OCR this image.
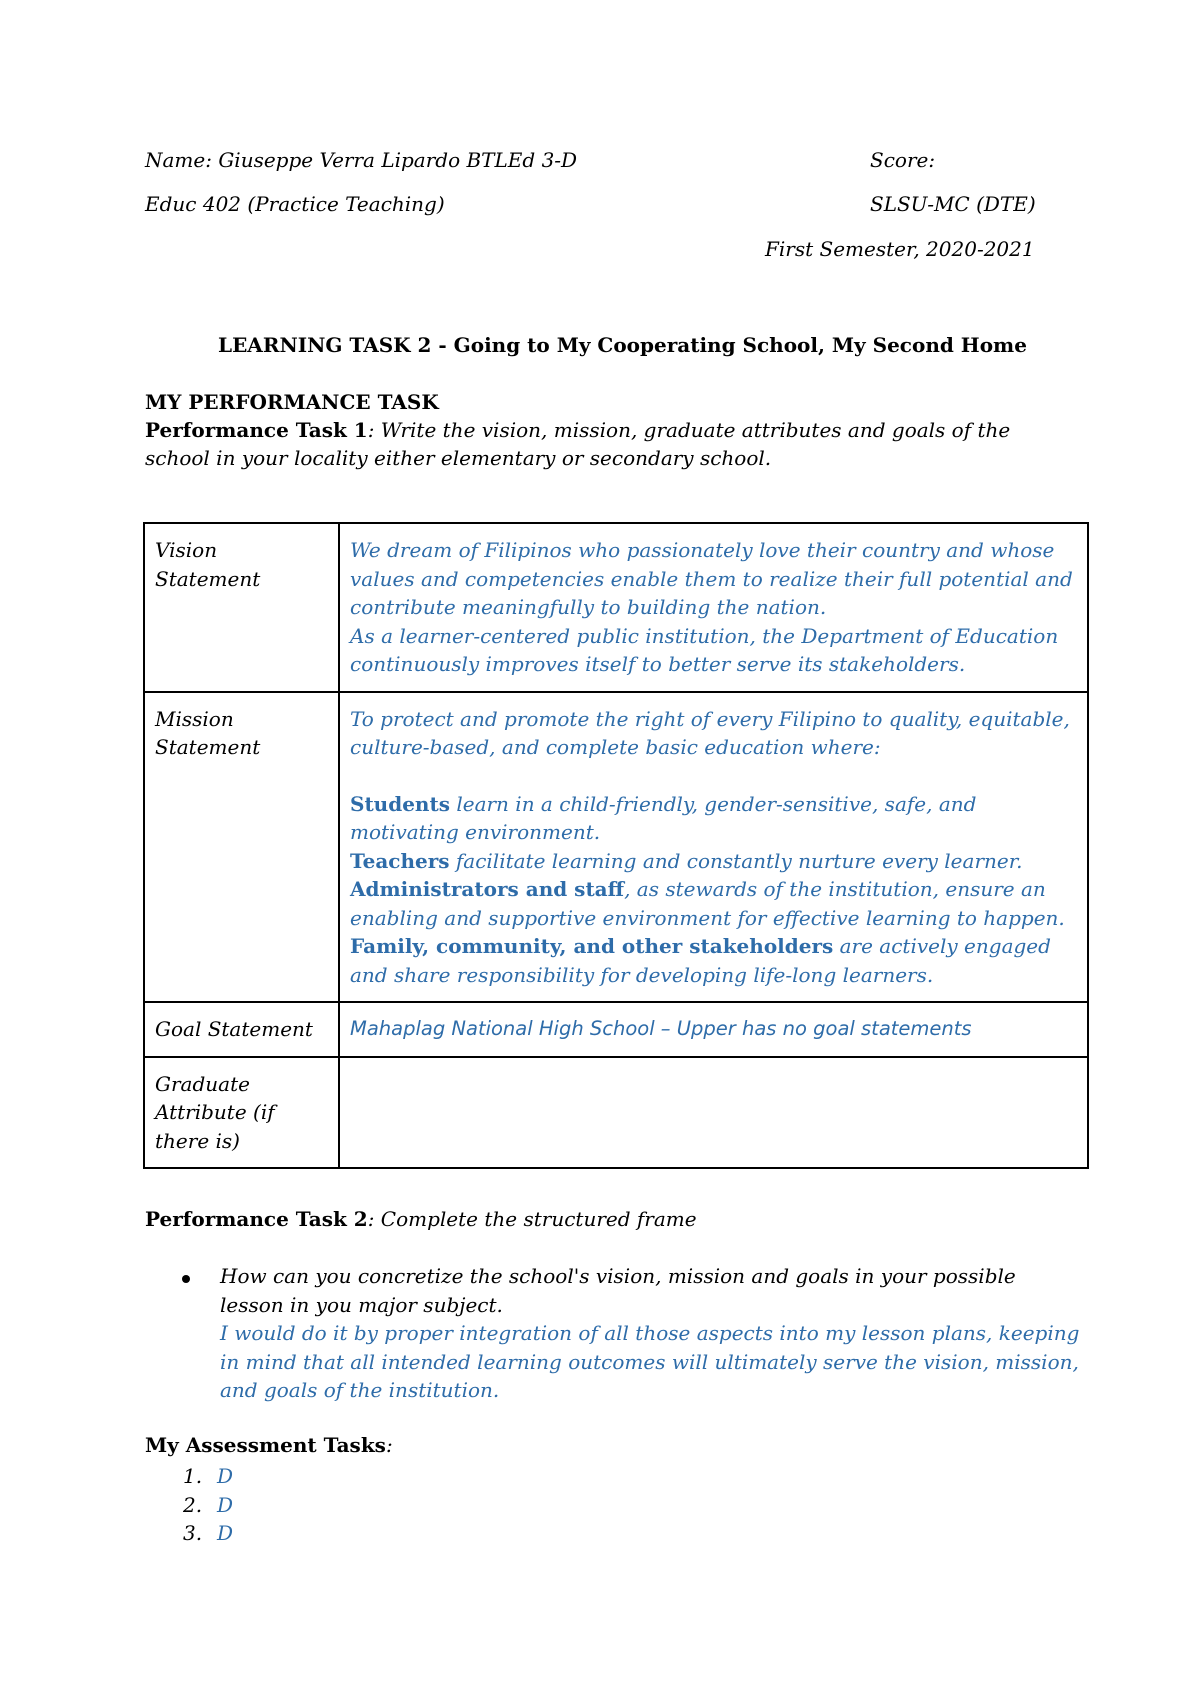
Name: Giuseppe Verra Lipardo BTLEd 3-D	Score:
Educ 402 (Practice Teaching)	SLSU-MC (DTE)
First Semester, 2020-2021
LEARNING TASK 2 - Going to My Cooperating School, My Second Home
MY PERFORMANCE TASK
Performance Task 1: Write the vision, mission, graduate attributes and goals of the
school in your locality either elementary or secondary school.
Vision Statement	We dream of Filipinos who passionately love their country and whose values and competencies enable them to realize their full potential and contribute meaningfully to building the nation.
As a learner-centered public institution, the Department of Education continuously improves itself to better serve its stakeholders.

Mission Statement	To protect and promote the right of every Filipino to quality, equitable, culture-based, and complete basic education where:
Students learn in a child-friendly, gender-sensitive, safe, and motivating environment.
Teachers facilitate learning and constantly nurture every learner.
Administrators and staff, as stewards of the institution, ensure an enabling and supportive environment for effective learning to happen.
Family, community, and other stakeholders are actively engaged and share responsibility for developing life-long learners.

Goal Statement	Mahaplag National High School – Upper has no goal statements

Graduate Attribute (if there is)	

Performance Task 2: Complete the structured frame
How can you concretize the school's vision, mission and goals in your possible
lesson in you major subject.
I would do it by proper integration of all those aspects into my lesson plans, keeping in mind that all intended learning outcomes will ultimately serve the vision, mission, and goals of the institution.
My Assessment Tasks:
1. D
2. D
3. D
